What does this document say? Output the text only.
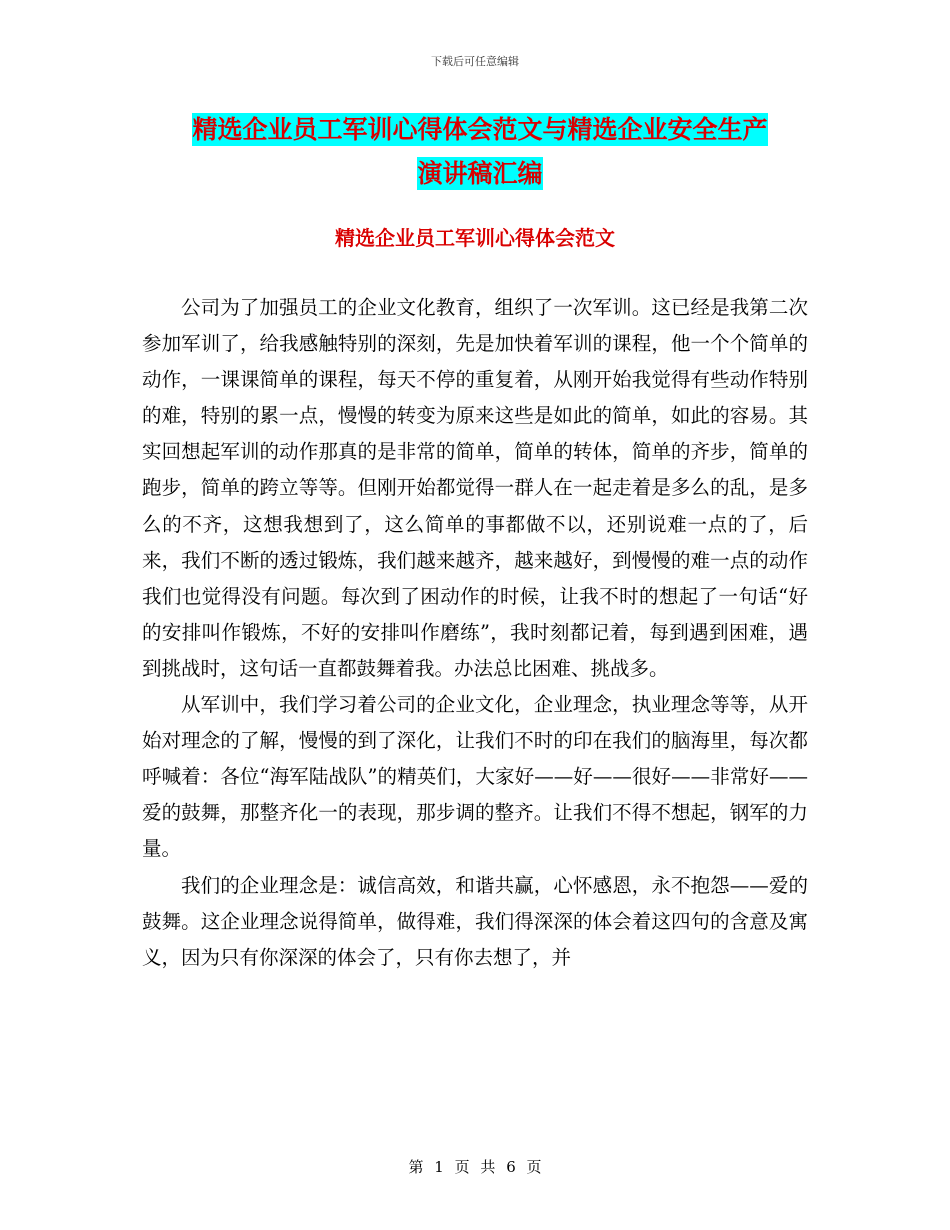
下载后可任意编辑
精选企业员工军训心得体会范文与精选企业安全生产
演讲稿汇编
精选企业员工军训心得体会范文

公司为了加强员工的企业文化教育，组织了一次军训。这已经是我第二次参加军训了，给我感触特别的深刻，先是加快着军训的课程，他一个个简单的动作，一课课简单的课程，每天不停的重复着，从刚开始我觉得有些动作特别的难，特别的累一点，慢慢的转变为原来这些是如此的简单，如此的容易。其实回想起军训的动作那真的是非常的简单，简单的转体，简单的齐步，简单的跑步，简单的跨立等等。但刚开始都觉得一群人在一起走着是多么的乱，是多么的不齐，这想我想到了，这么简单的事都做不以，还别说难一点的了，后来，我们不断的透过锻炼，我们越来越齐，越来越好，到慢慢的难一点的动作我们也觉得没有问题。每次到了困动作的时候，让我不时的想起了一句话“好的安排叫作锻炼，不好的安排叫作磨练”，我时刻都记着，每到遇到困难，遇到挑战时，这句话一直都鼓舞着我。办法总比困难、挑战多。

从军训中，我们学习着公司的企业文化，企业理念，执业理念等等，从开始对理念的了解，慢慢的到了深化，让我们不时的印在我们的脑海里，每次都呼喊着：各位“海军陆战队”的精英们，大家好——好——很好——非常好——爱的鼓舞，那整齐化一的表现，那步调的整齐。让我们不得不想起，钢军的力量。

我们的企业理念是：诚信高效，和谐共赢，心怀感恩，永不抱怨——爱的鼓舞。这企业理念说得简单，做得难，我们得深深的体会着这四句的含意及寓义，因为只有你深深的体会了，只有你去想了，并

第 1 页 共 6 页
